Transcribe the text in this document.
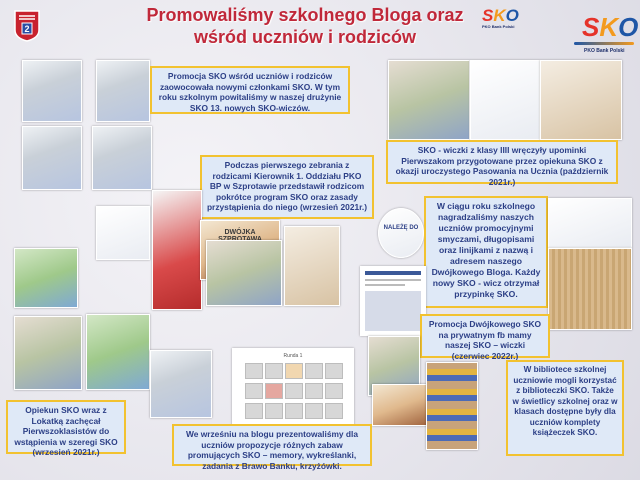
2
Promowaliśmy szkolnego Bloga oraz
wśród uczniów i rodziców
SKO
PKO Bank Polski	SKO
PKO Bank Polski
Promocja SKO wśród uczniów i rodziców zaowocowała nowymi członkami SKO. W tym roku szkolnym powitaliśmy w naszej drużynie SKO 13. nowych SKO-wiczów.
SKO - wiczki z klasy IIII wręczyły upominki Pierwszakom przygotowane przez opiekuna SKO z okazji uroczystego Pasowania na Ucznia (październik 2021r.)
Podczas pierwszego zebrania z rodzicami Kierownik 1. Oddziału PKO BP w Szprotawie przedstawił rodzicom pokrótce program SKO oraz zasady przystąpienia do niego (wrzesień 2021r.)
DWÓJKA
NALEŻĘ DO
W ciągu roku szkolnego nagradzaliśmy naszych uczniów promocyjnymi smyczami, długopisami oraz linijkami z nazwą i adresem naszego Dwójkowego Bloga. Każdy nowy SKO - wicz otrzymał przypinkę SKO.
Runda 1
Promocja Dwójkowego SKO na prywatnym fb mamy naszej SKO – wiczki (czerwiec 2022r.)
W bibliotece szkolnej uczniowie mogli korzystać z biblioteczki SKO. Także w świetlicy szkolnej oraz w klasach dostępne były dla uczniów komplety książeczek SKO.
Opiekun SKO wraz z Lokatką zachęcał Pierwszoklasistów do wstąpienia w szeregi SKO (wrzesień 2021r.)
We wrześniu na blogu prezentowaliśmy dla uczniów propozycje różnych zabaw promujących SKO – memory, wykreślanki, zadania z Brawo Banku, krzyżówki.
